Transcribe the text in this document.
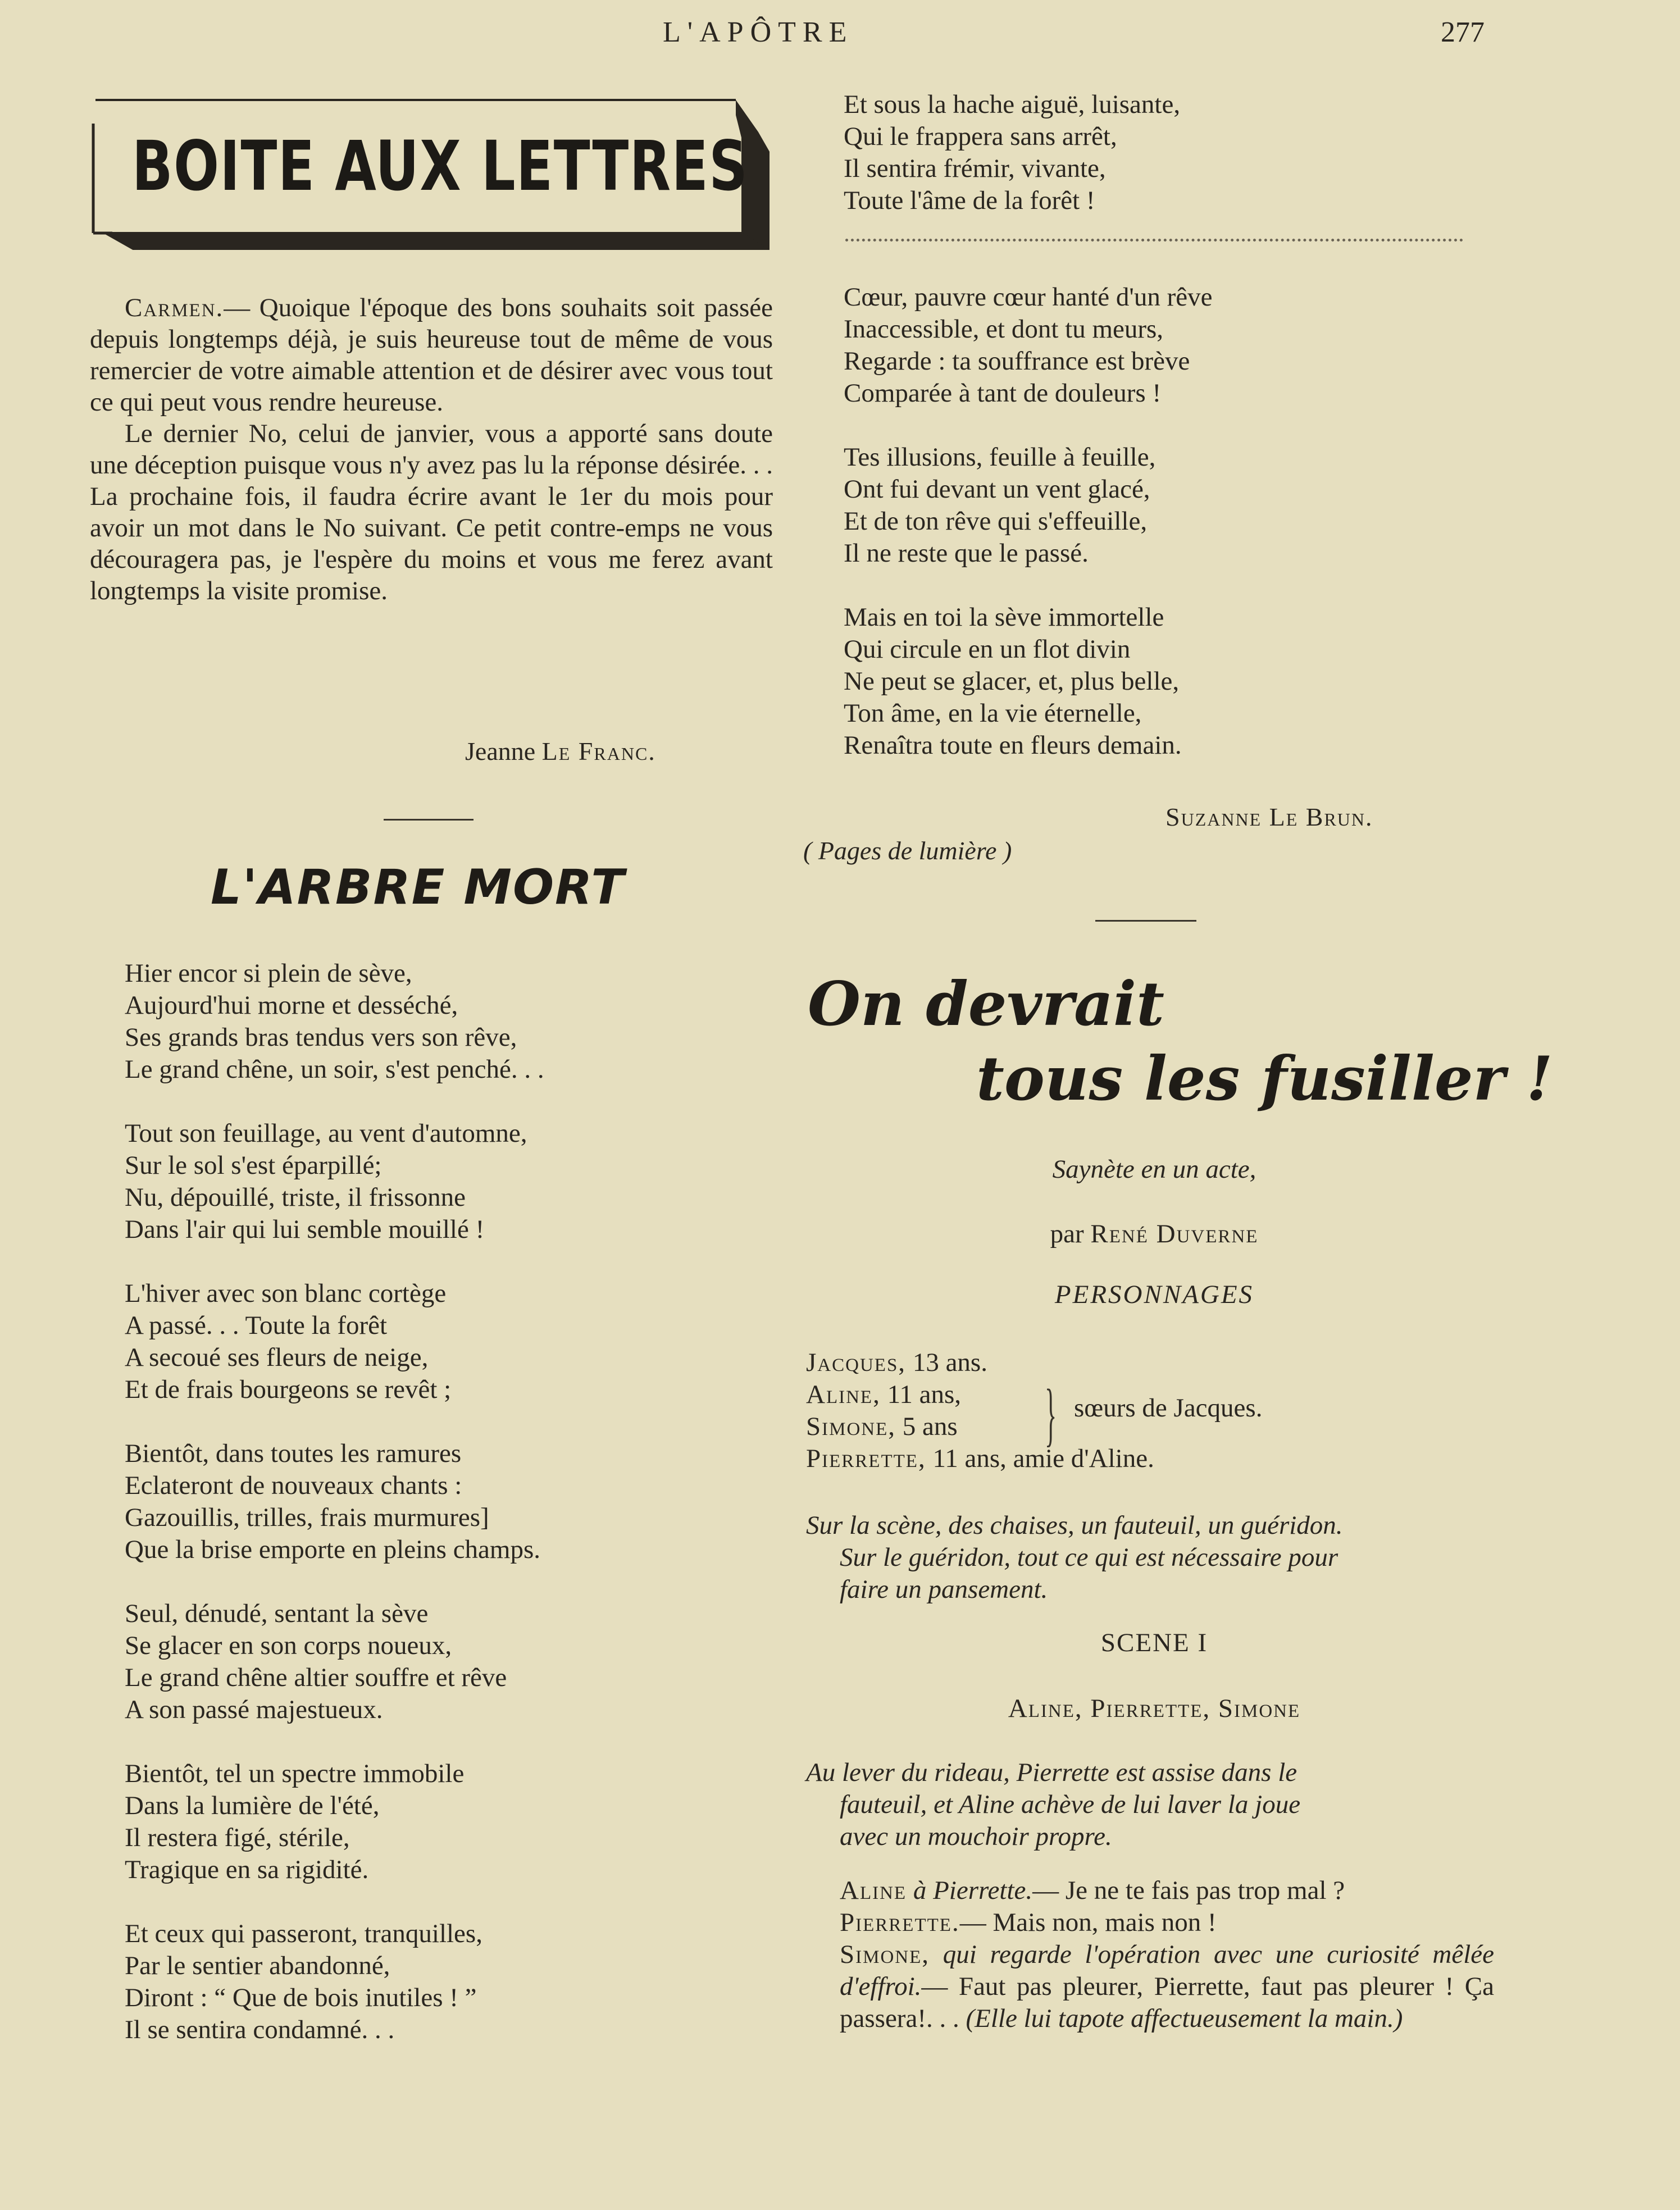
L'APÔTRE	277
BOITE AUX LETTRES

Carmen.— Quoique l'époque des bons souhaits soit passée depuis longtemps déjà, je suis heureuse tout de même de vous remercier de votre aimable attention et de désirer avec vous tout ce qui peut vous rendre heureuse.

Le dernier No, celui de janvier, vous a apporté sans doute une déception puisque vous n'y avez pas lu la réponse désirée. . . La prochaine fois, il faudra écrire avant le 1er du mois pour avoir un mot dans le No suivant. Ce petit contre-emps ne vous découragera pas, je l'espère du moins et vous me ferez avant longtemps la visite promise.

Jeanne Le Franc.
L'ARBRE MORT
Hier encor si plein de sève,
Aujourd'hui morne et desséché,
Ses grands bras tendus vers son rêve,
Le grand chêne, un soir, s'est penché. . .
Tout son feuillage, au vent d'automne,
Sur le sol s'est éparpillé;
Nu, dépouillé, triste, il frissonne
Dans l'air qui lui semble mouillé !
L'hiver avec son blanc cortège
A passé. . . Toute la forêt
A secoué ses fleurs de neige,
Et de frais bourgeons se revêt ;
Bientôt, dans toutes les ramures
Eclateront de nouveaux chants :
Gazouillis, trilles, frais murmures]
Que la brise emporte en pleins champs.
Seul, dénudé, sentant la sève
Se glacer en son corps noueux,
Le grand chêne altier souffre et rêve
A son passé majestueux.
Bientôt, tel un spectre immobile
Dans la lumière de l'été,
Il restera figé, stérile,
Tragique en sa rigidité.
Et ceux qui passeront, tranquilles,
Par le sentier abandonné,
Diront : “ Que de bois inutiles ! ”
Il se sentira condamné. . .
Et sous la hache aiguë, luisante,
Qui le frappera sans arrêt,
Il sentira frémir, vivante,
Toute l'âme de la forêt !
Cœur, pauvre cœur hanté d'un rêve
Inaccessible, et dont tu meurs,
Regarde : ta souffrance est brève
Comparée à tant de douleurs !
Tes illusions, feuille à feuille,
Ont fui devant un vent glacé,
Et de ton rêve qui s'effeuille,
Il ne reste que le passé.
Mais en toi la sève immortelle
Qui circule en un flot divin
Ne peut se glacer, et, plus belle,
Ton âme, en la vie éternelle,
Renaîtra toute en fleurs demain.
Suzanne Le Brun.
( Pages de lumière )
On devrait
tous les fusiller !
Saynète en un acte,
par René Duverne
PERSONNAGES
Jacques, 13 ans.
Aline, 11 ans,
Simone, 5 ans
Pierrette, 11 ans, amie d'Aline.
} sœurs de Jacques.
Sur la scène, des chaises, un fauteuil, un guéridon.
Sur le guéridon, tout ce qui est nécessaire pour
faire un pansement.
SCENE I
Aline, Pierrette, Simone
Au lever du rideau, Pierrette est assise dans le
fauteuil, et Aline achève de lui laver la joue
avec un mouchoir propre.
Aline à Pierrette.— Je ne te fais pas trop mal ?
Pierrette.— Mais non, mais non !
Simone, qui regarde l'opération avec une curiosité mêlée d'effroi.— Faut pas pleurer, Pierrette, faut pas pleurer ! Ça passera!. . . (Elle lui tapote affectueusement la main.)
